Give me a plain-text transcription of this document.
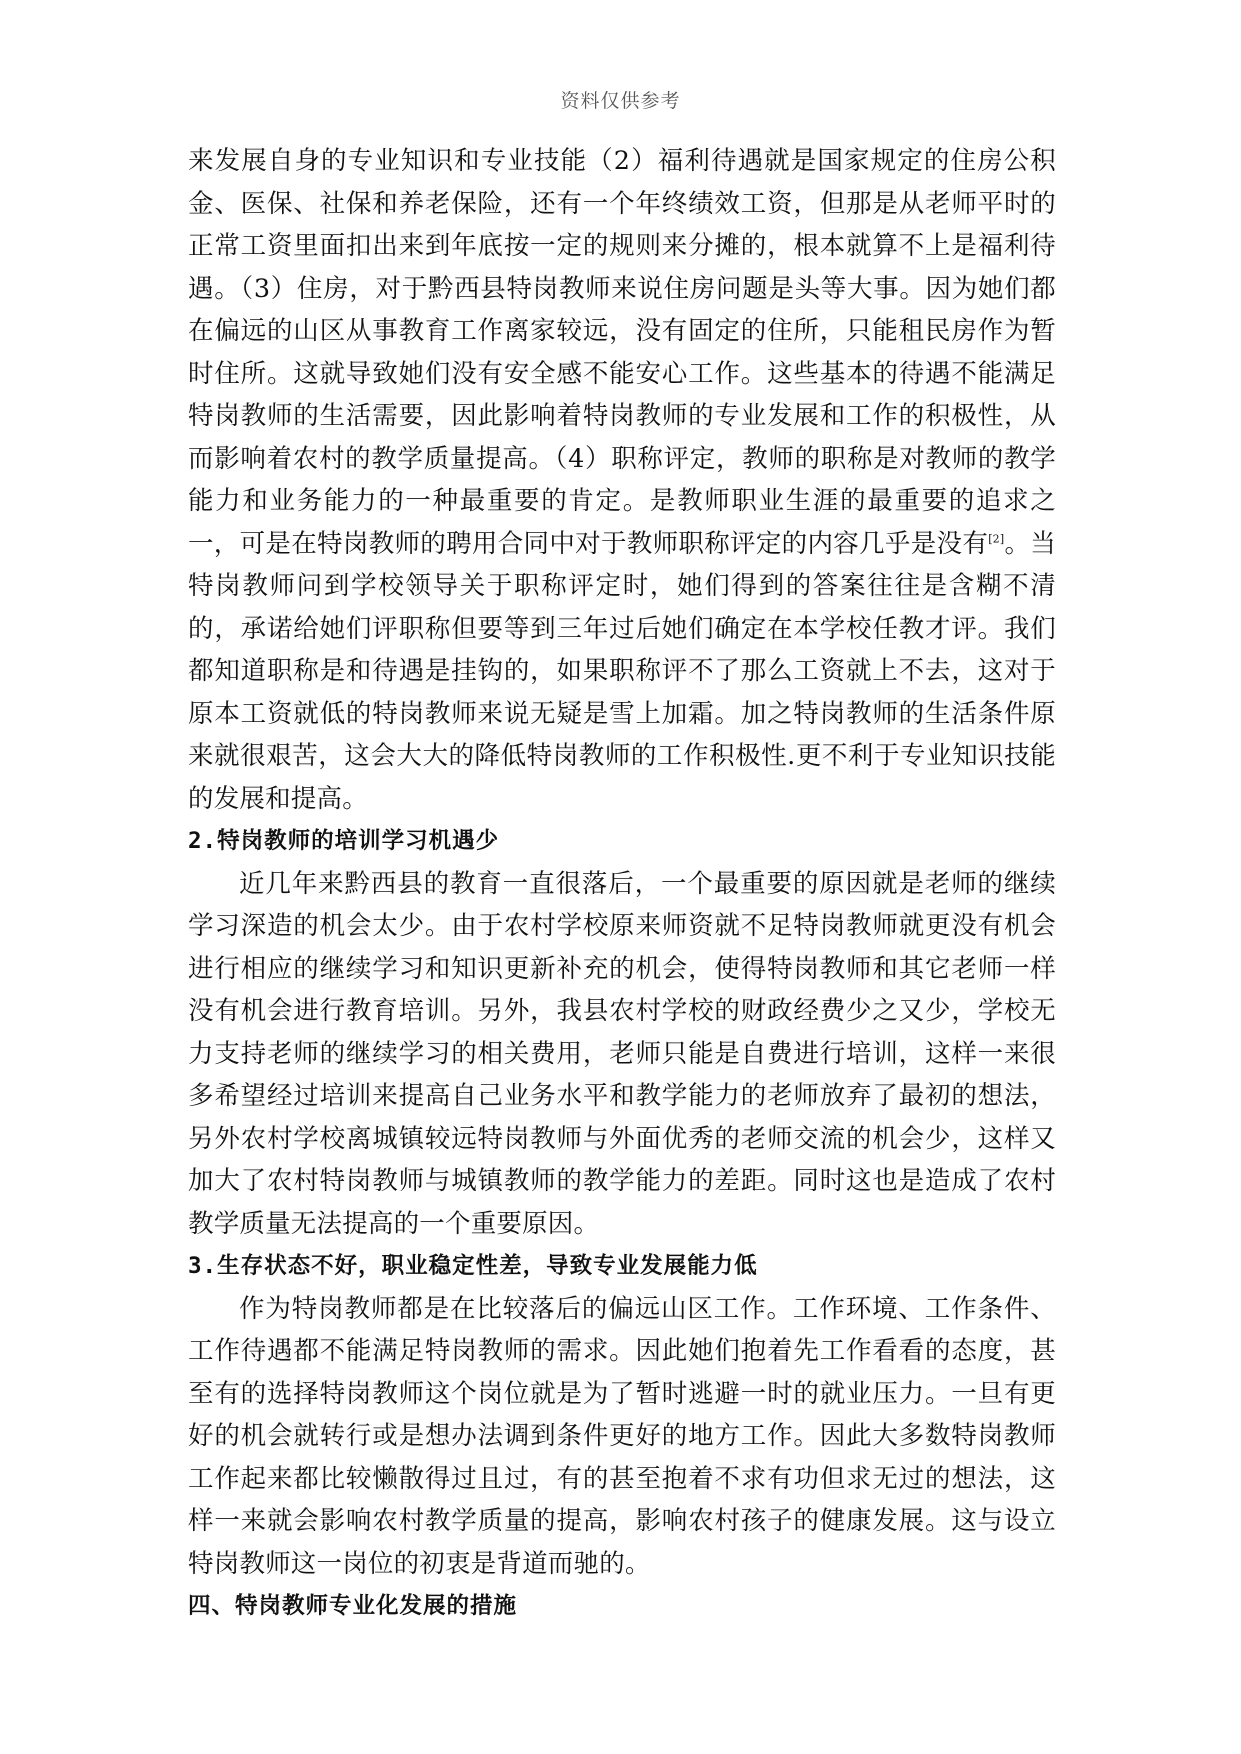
资料仅供参考

来发展自身的专业知识和专业技能（2）福利待遇就是国家规定的住房公积金、医保、社保和养老保险，还有一个年终绩效工资，但那是从老师平时的正常工资里面扣出来到年底按一定的规则来分摊的，根本就算不上是福利待遇。（3）住房，对于黔西县特岗教师来说住房问题是头等大事。因为她们都在偏远的山区从事教育工作离家较远，没有固定的住所，只能租民房作为暂时住所。这就导致她们没有安全感不能安心工作。这些基本的待遇不能满足特岗教师的生活需要，因此影响着特岗教师的专业发展和工作的积极性，从而影响着农村的教学质量提高。（4）职称评定，教师的职称是对教师的教学能力和业务能力的一种最重要的肯定。是教师职业生涯的最重要的追求之一，可是在特岗教师的聘用合同中对于教师职称评定的内容几乎是没有[2]。当特岗教师问到学校领导关于职称评定时，她们得到的答案往往是含糊不清的，承诺给她们评职称但要等到三年过后她们确定在本学校任教才评。我们都知道职称是和待遇是挂钩的，如果职称评不了那么工资就上不去，这对于原本工资就低的特岗教师来说无疑是雪上加霜。加之特岗教师的生活条件原来就很艰苦，这会大大的降低特岗教师的工作积极性.更不利于专业知识技能的发展和提高。

2.特岗教师的培训学习机遇少

近几年来黔西县的教育一直很落后，一个最重要的原因就是老师的继续学习深造的机会太少。由于农村学校原来师资就不足特岗教师就更没有机会进行相应的继续学习和知识更新补充的机会，使得特岗教师和其它老师一样没有机会进行教育培训。另外，我县农村学校的财政经费少之又少，学校无力支持老师的继续学习的相关费用，老师只能是自费进行培训，这样一来很多希望经过培训来提高自己业务水平和教学能力的老师放弃了最初的想法，另外农村学校离城镇较远特岗教师与外面优秀的老师交流的机会少，这样又加大了农村特岗教师与城镇教师的教学能力的差距。同时这也是造成了农村教学质量无法提高的一个重要原因。

3.生存状态不好，职业稳定性差，导致专业发展能力低

作为特岗教师都是在比较落后的偏远山区工作。工作环境、工作条件、工作待遇都不能满足特岗教师的需求。因此她们抱着先工作看看的态度，甚至有的选择特岗教师这个岗位就是为了暂时逃避一时的就业压力。一旦有更好的机会就转行或是想办法调到条件更好的地方工作。因此大多数特岗教师工作起来都比较懒散得过且过，有的甚至抱着不求有功但求无过的想法，这样一来就会影响农村教学质量的提高，影响农村孩子的健康发展。这与设立特岗教师这一岗位的初衷是背道而驰的。

四、特岗教师专业化发展的措施
